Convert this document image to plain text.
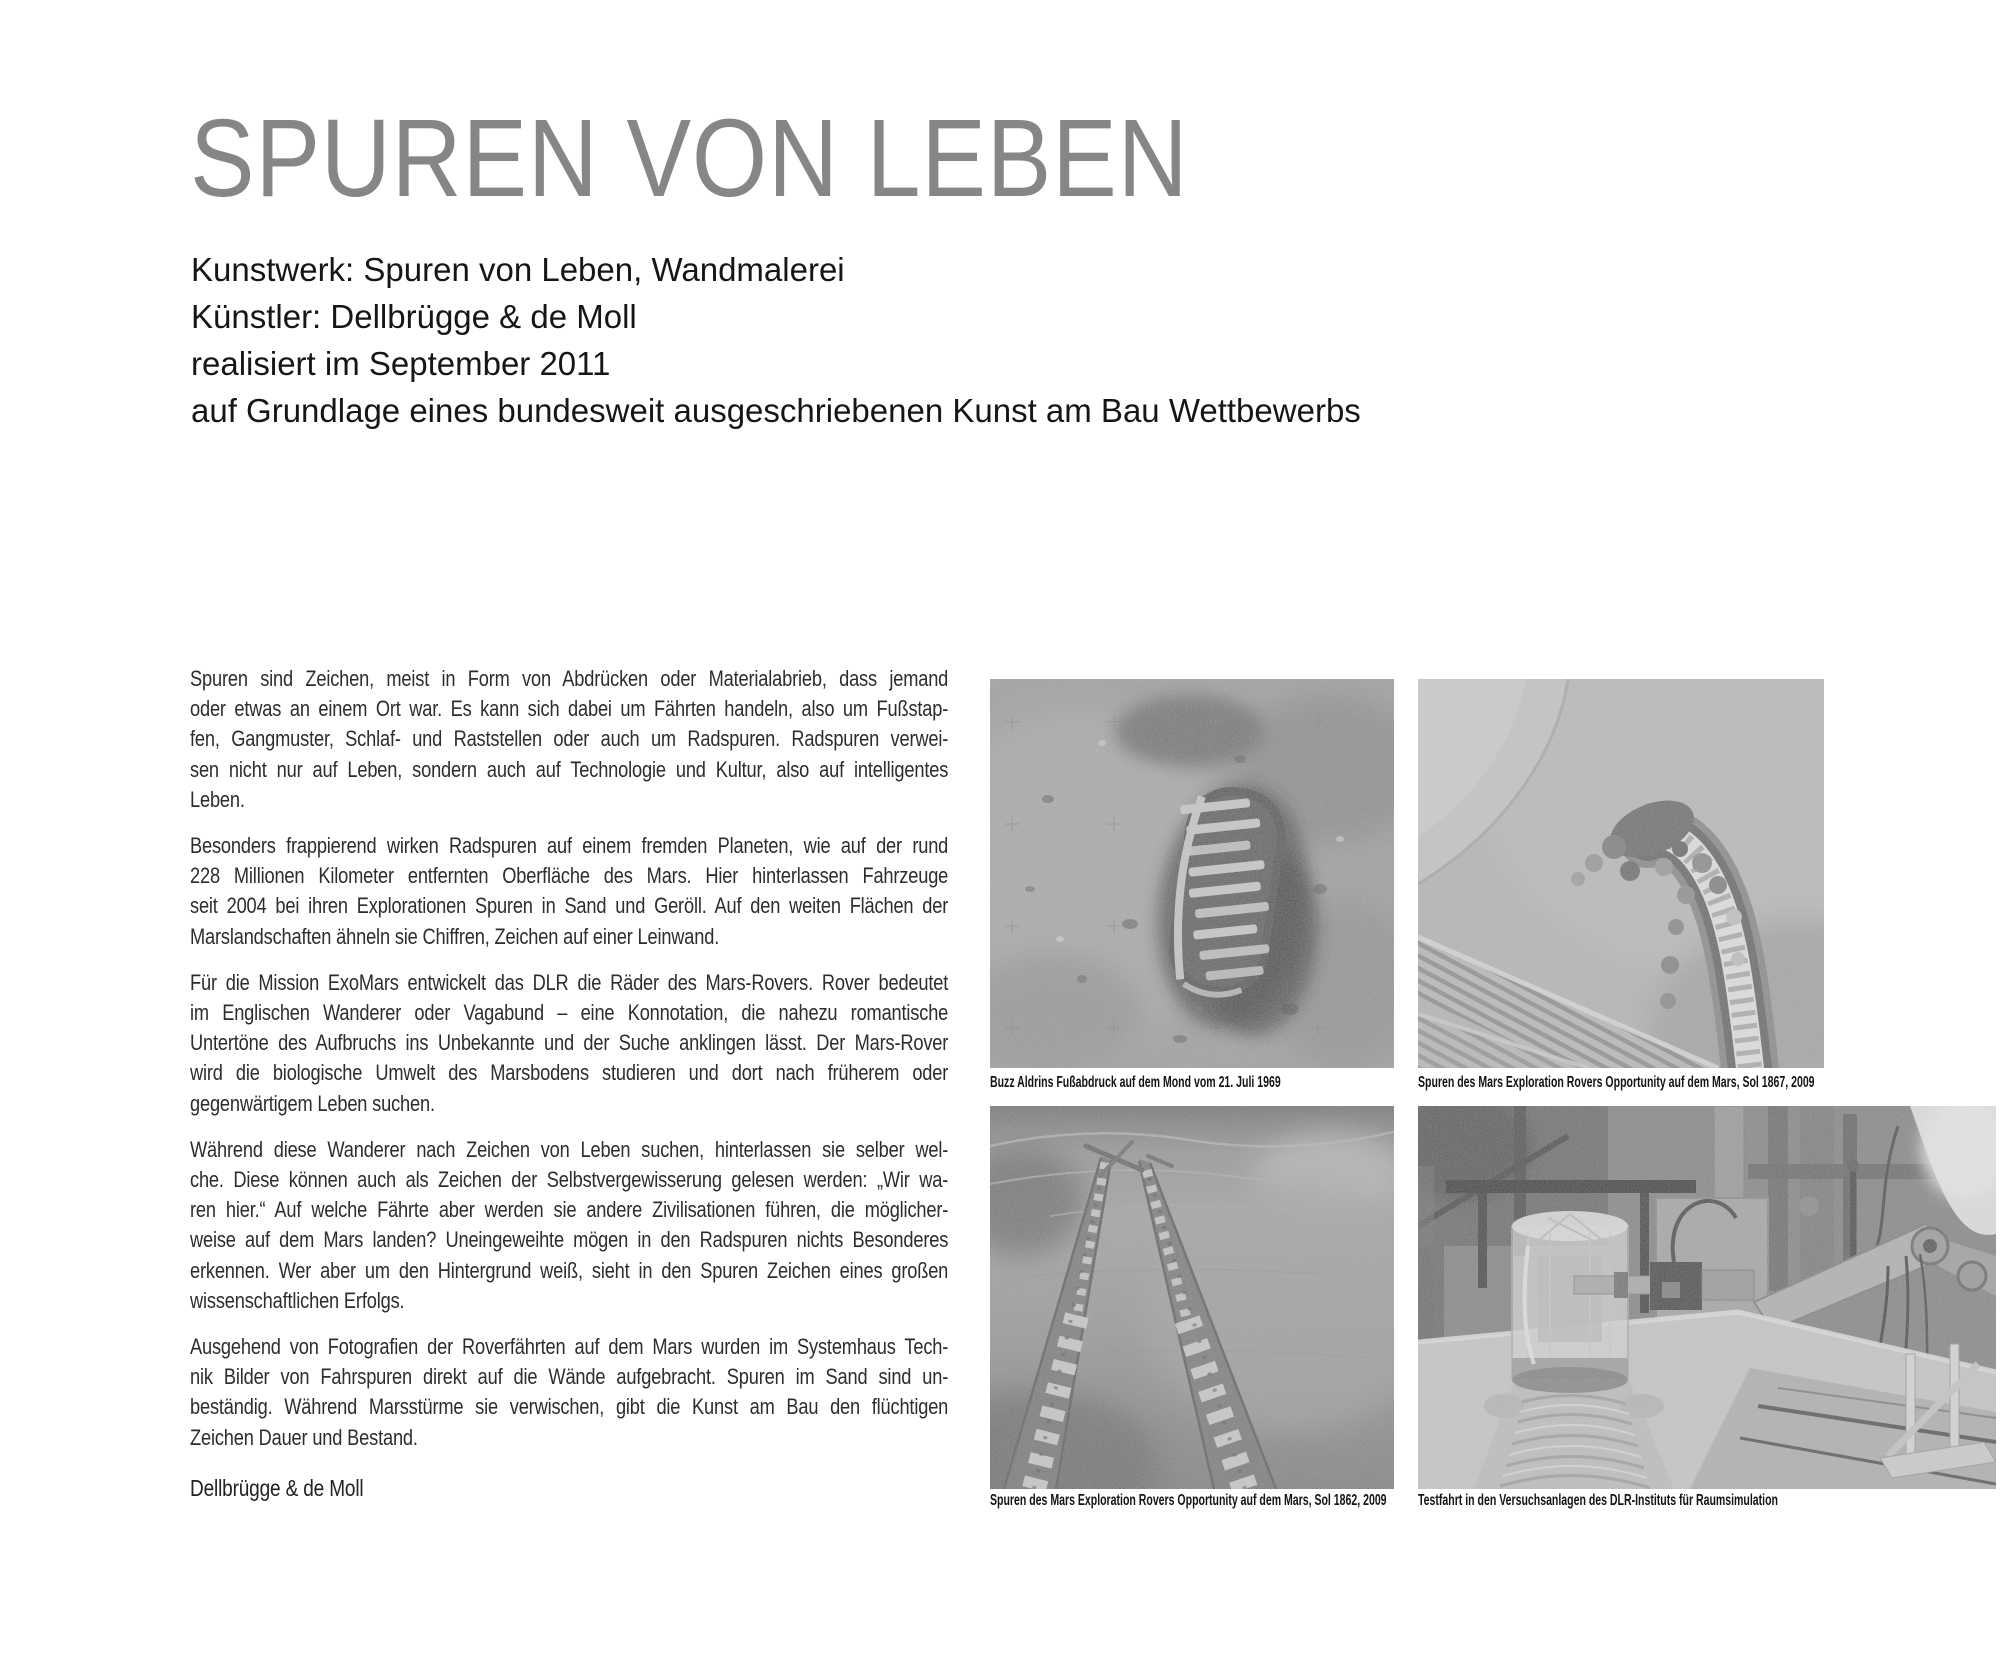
SPUREN VON LEBEN
Kunstwerk: Spuren von Leben, Wandmalerei
Künstler: Dellbrügge & de Moll
realisiert im September 2011
auf Grundlage eines bundesweit ausgeschriebenen Kunst am Bau Wettbewerbs
Spuren sind Zeichen, meist in Form von Abdrücken oder Materialabrieb, dass jemand
oder etwas an einem Ort war. Es kann sich dabei um Fährten handeln, also um Fußstap-
fen, Gangmuster, Schlaf- und Raststellen oder auch um Radspuren. Radspuren verwei-
sen nicht nur auf Leben, sondern auch auf Technologie und Kultur, also auf intelligentes
Leben.
Besonders frappierend wirken Radspuren auf einem fremden Planeten, wie auf der rund
228 Millionen Kilometer entfernten Oberfläche des Mars. Hier hinterlassen Fahrzeuge
seit 2004 bei ihren Explorationen Spuren in Sand und Geröll. Auf den weiten Flächen der
Marslandschaften ähneln sie Chiffren, Zeichen auf einer Leinwand.
Für die Mission ExoMars entwickelt das DLR die Räder des Mars-Rovers. Rover bedeutet
im Englischen Wanderer oder Vagabund – eine Konnotation, die nahezu romantische
Untertöne des Aufbruchs ins Unbekannte und der Suche anklingen lässt. Der Mars-Rover
wird die biologische Umwelt des Marsbodens studieren und dort nach früherem oder
gegenwärtigem Leben suchen.
Während diese Wanderer nach Zeichen von Leben suchen, hinterlassen sie selber wel-
che. Diese können auch als Zeichen der Selbstvergewisserung gelesen werden: „Wir wa-
ren hier.“ Auf welche Fährte aber werden sie andere Zivilisationen führen, die möglicher-
weise auf dem Mars landen? Uneingeweihte mögen in den Radspuren nichts Besonderes
erkennen. Wer aber um den Hintergrund weiß, sieht in den Spuren Zeichen eines großen
wissenschaftlichen Erfolgs.
Ausgehend von Fotografien der Roverfährten auf dem Mars wurden im Systemhaus Tech-
nik Bilder von Fahrspuren direkt auf die Wände aufgebracht. Spuren im Sand sind un-
beständig. Während Marsstürme sie verwischen, gibt die Kunst am Bau den flüchtigen
Zeichen Dauer und Bestand.
Dellbrügge & de Moll
Buzz Aldrins Fußabdruck auf dem Mond vom 21. Juli 1969	Spuren des Mars Exploration Rovers Opportunity auf dem Mars, Sol 1867, 2009
Spuren des Mars Exploration Rovers Opportunity auf dem Mars, Sol 1862, 2009 Testfahrt in den Versuchsanlagen des DLR-Instituts für Raumsimulation
